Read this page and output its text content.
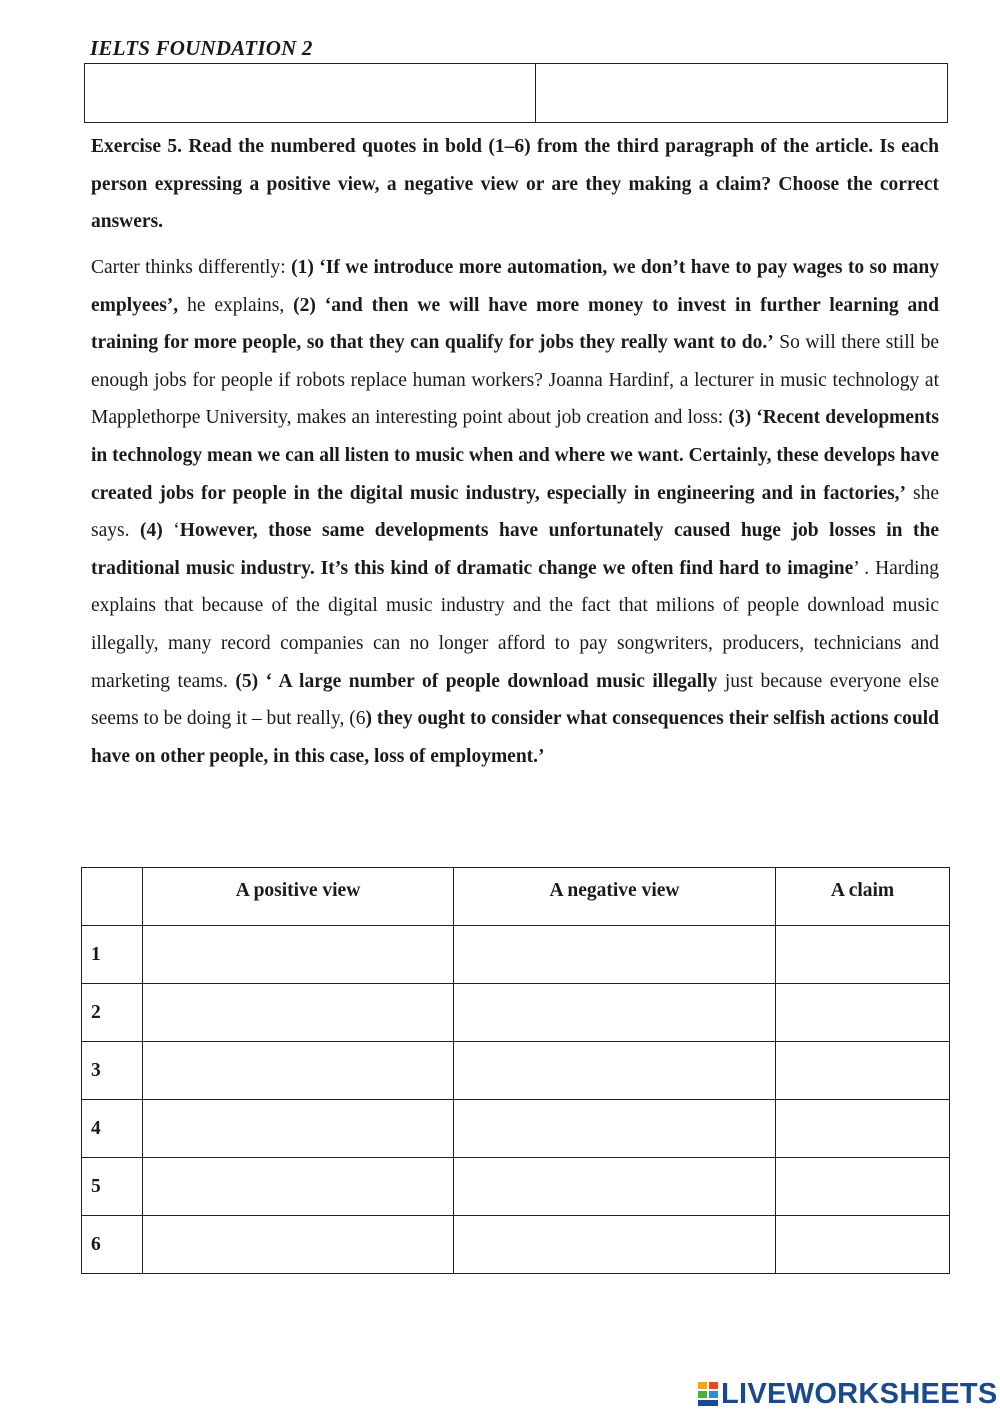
IELTS FOUNDATION 2

Exercise 5. Read the numbered quotes in bold (1–6) from the third paragraph of the article. Is each person expressing a positive view, a negative view or are they making a claim? Choose the correct answers.

Carter thinks differently: (1) ‘If we introduce more automation, we don’t have to pay wages to so many emplyees’, he explains, (2) ‘and then we will have more money to invest in further learning and training for more people, so that they can qualify for jobs they really want to do.’ So will there still be enough jobs for people if robots replace human workers? Joanna Hardinf, a lecturer in music technology at Mapplethorpe University, makes an interesting point about job creation and loss: (3) ‘Recent developments in technology mean we can all listen to music when and where we want. Certainly, these develops have created jobs for people in the digital music industry, especially in engineering and in factories,’ she says. (4) ‘However, those same developments have unfortunately caused huge job losses in the traditional music industry. It’s this kind of dramatic change we often find hard to imagine’ . Harding explains that because of the digital music industry and the fact that milions of people download music illegally, many record companies can no longer afford to pay songwriters, producers, technicians and marketing teams. (5) ‘ A large number of people download music illegally just because everyone else seems to be doing it – but really, (6) they ought to consider what consequences their selfish actions could have on other people, in this case, loss of employment.’

	A positive view	A negative view	A claim
1			
2			
3			
4			
5			
6			
LIVEWORKSHEETS
